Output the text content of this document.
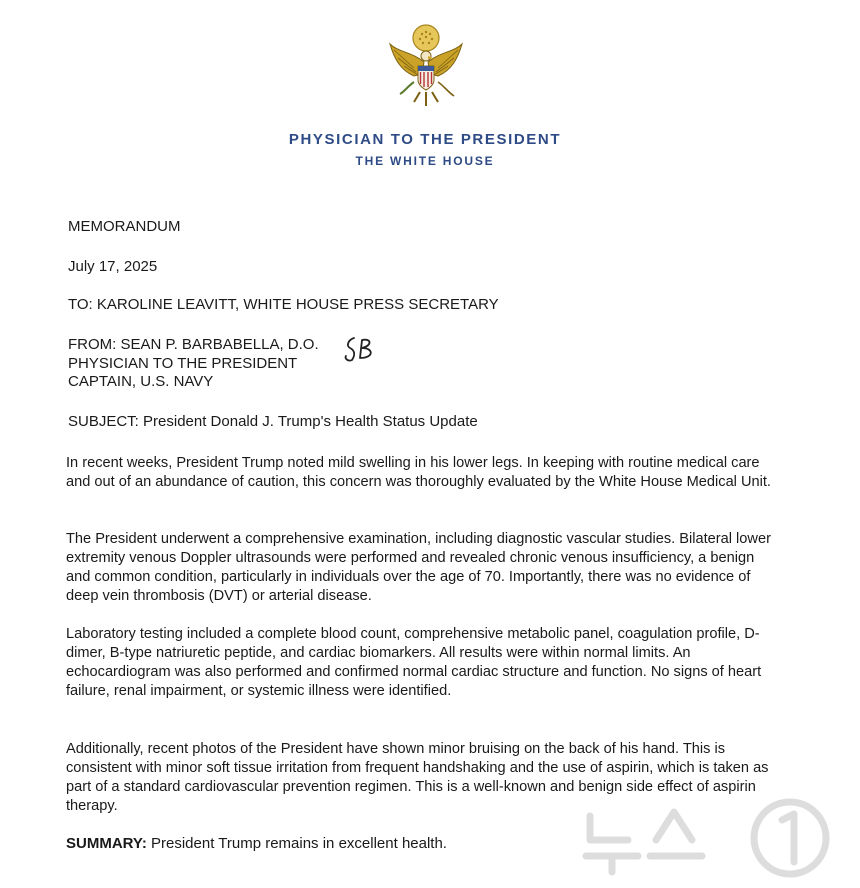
PHYSICIAN TO THE PRESIDENT
THE WHITE HOUSE
MEMORANDUM
July 17, 2025
TO: KAROLINE LEAVITT, WHITE HOUSE PRESS SECRETARY
FROM: SEAN P. BARBABELLA, D.O.
PHYSICIAN TO THE PRESIDENT
CAPTAIN, U.S. NAVY
SUBJECT: President Donald J. Trump's Health Status Update

In recent weeks, President Trump noted mild swelling in his lower legs. In keeping with routine medical care and out of an abundance of caution, this concern was thoroughly evaluated by the White House Medical Unit.

The President underwent a comprehensive examination, including diagnostic vascular studies. Bilateral lower extremity venous Doppler ultrasounds were performed and revealed chronic venous insufficiency, a benign and common condition, particularly in individuals over the age of 70. Importantly, there was no evidence of deep vein thrombosis (DVT) or arterial disease.

Laboratory testing included a complete blood count, comprehensive metabolic panel, coagulation profile, D-dimer, B-type natriuretic peptide, and cardiac biomarkers. All results were within normal limits. An echocardiogram was also performed and confirmed normal cardiac structure and function. No signs of heart failure, renal impairment, or systemic illness were identified.

Additionally, recent photos of the President have shown minor bruising on the back of his hand. This is consistent with minor soft tissue irritation from frequent handshaking and the use of aspirin, which is taken as part of a standard cardiovascular prevention regimen. This is a well-known and benign side effect of aspirin therapy.

SUMMARY: President Trump remains in excellent health.
